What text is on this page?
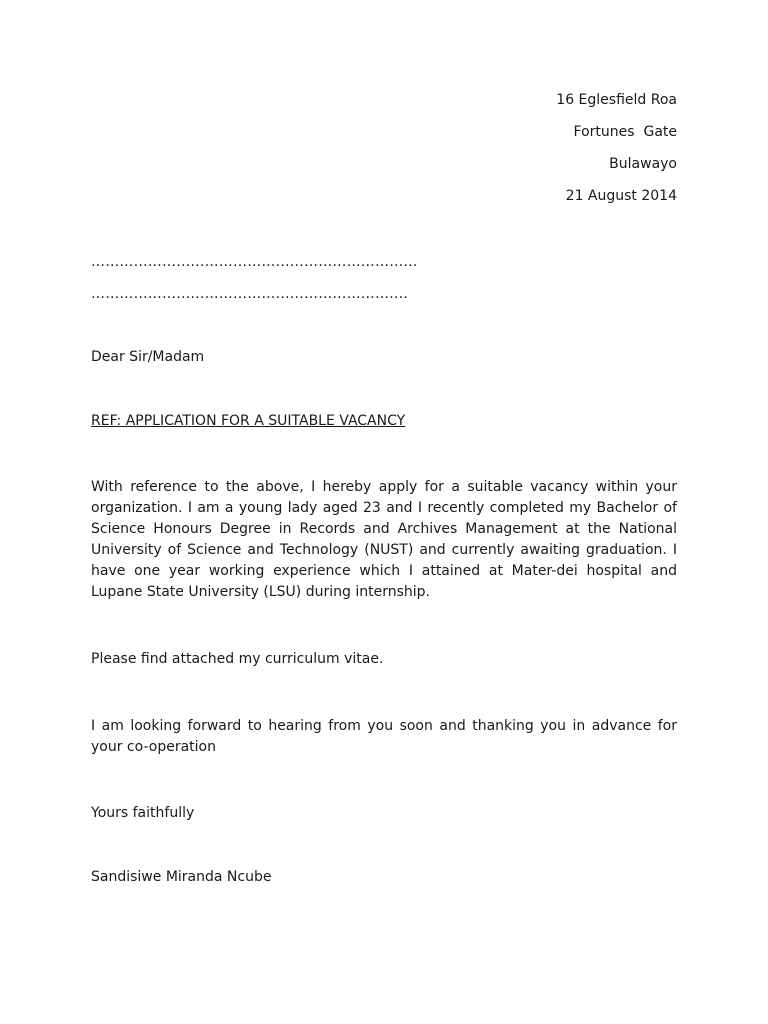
16 Eglesfield Roa
Fortunes  Gate
Bulawayo
21 August 2014
……………………………………………………………
……………………………………………………….…
Dear Sir/Madam
REF: APPLICATION FOR A SUITABLE VACANCY
With reference to the above, I hereby apply for a suitable vacancy within your organization. I am a young lady aged 23 and I recently completed my Bachelor of Science Honours Degree in Records and Archives Management at the National University of Science and Technology (NUST) and currently awaiting graduation. I have one year working experience which I attained at Mater-dei hospital and Lupane State University (LSU) during internship.
Please find attached my curriculum vitae.
I am looking forward to hearing from you soon and thanking you in advance for your co-operation
Yours faithfully
Sandisiwe Miranda Ncube
